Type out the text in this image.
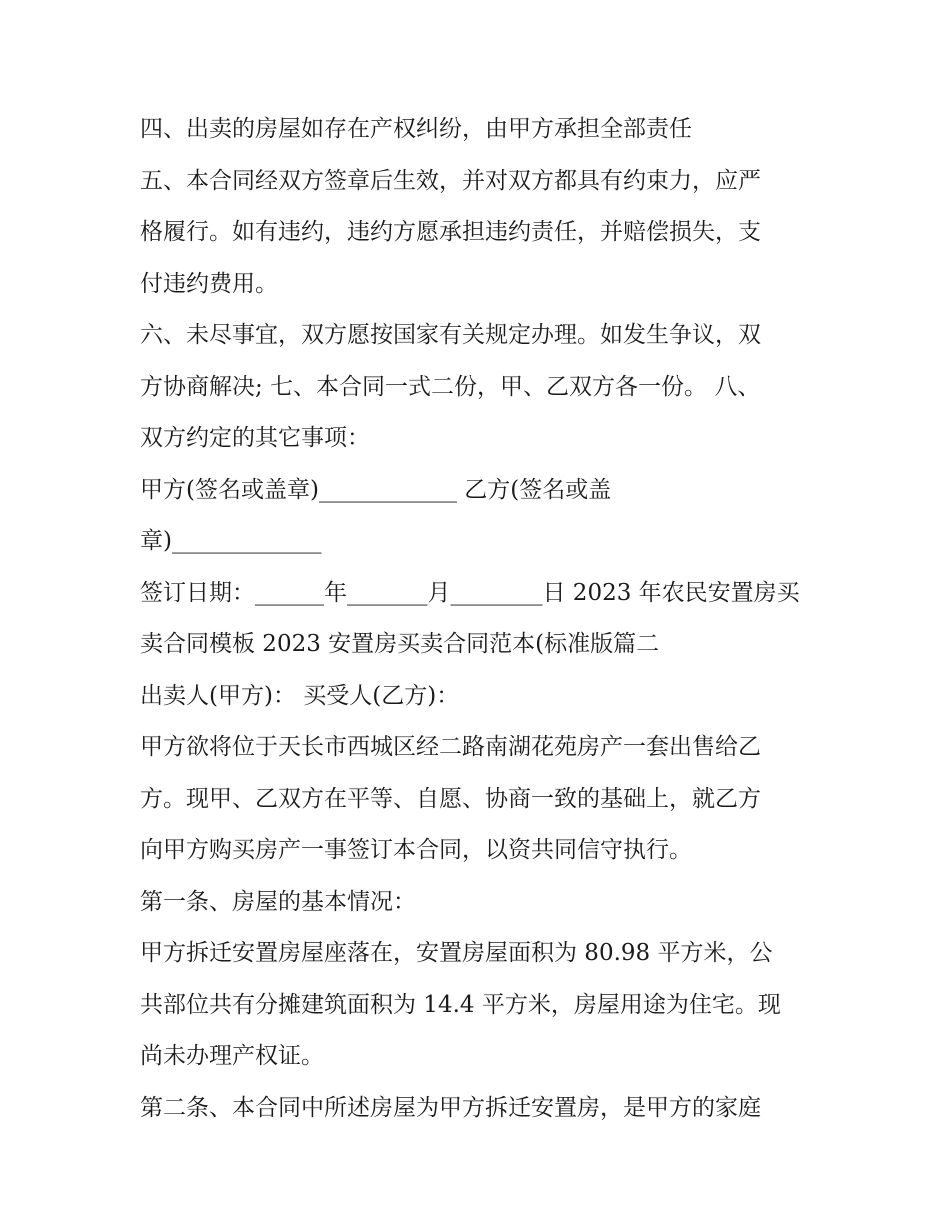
四、出卖的房屋如存在产权纠纷，由甲方承担全部责任
五、本合同经双方签章后生效，并对双方都具有约束力，应严
格履行。如有违约，违约方愿承担违约责任，并赔偿损失，支
付违约费用。
六、未尽事宜，双方愿按国家有关规定办理。如发生争议，双
方协商解决; 七、本合同一式二份，甲、乙双方各一份。 八、
双方约定的其它事项：
甲方(签名或盖章)____________ 乙方(签名或盖
章)_____________
签订日期：______年_______月________日 2023 年农民安置房买
卖合同模板 2023 安置房买卖合同范本(标准版篇二
出卖人(甲方)： 买受人(乙方)：
甲方欲将位于天长市西城区经二路南湖花苑房产一套出售给乙
方。现甲、乙双方在平等、自愿、协商一致的基础上，就乙方
向甲方购买房产一事签订本合同，以资共同信守执行。
第一条、房屋的基本情况：
甲方拆迁安置房屋座落在，安置房屋面积为 80.98 平方米，公
共部位共有分摊建筑面积为 14.4 平方米，房屋用途为住宅。现
尚未办理产权证。
第二条、本合同中所述房屋为甲方拆迁安置房，是甲方的家庭
